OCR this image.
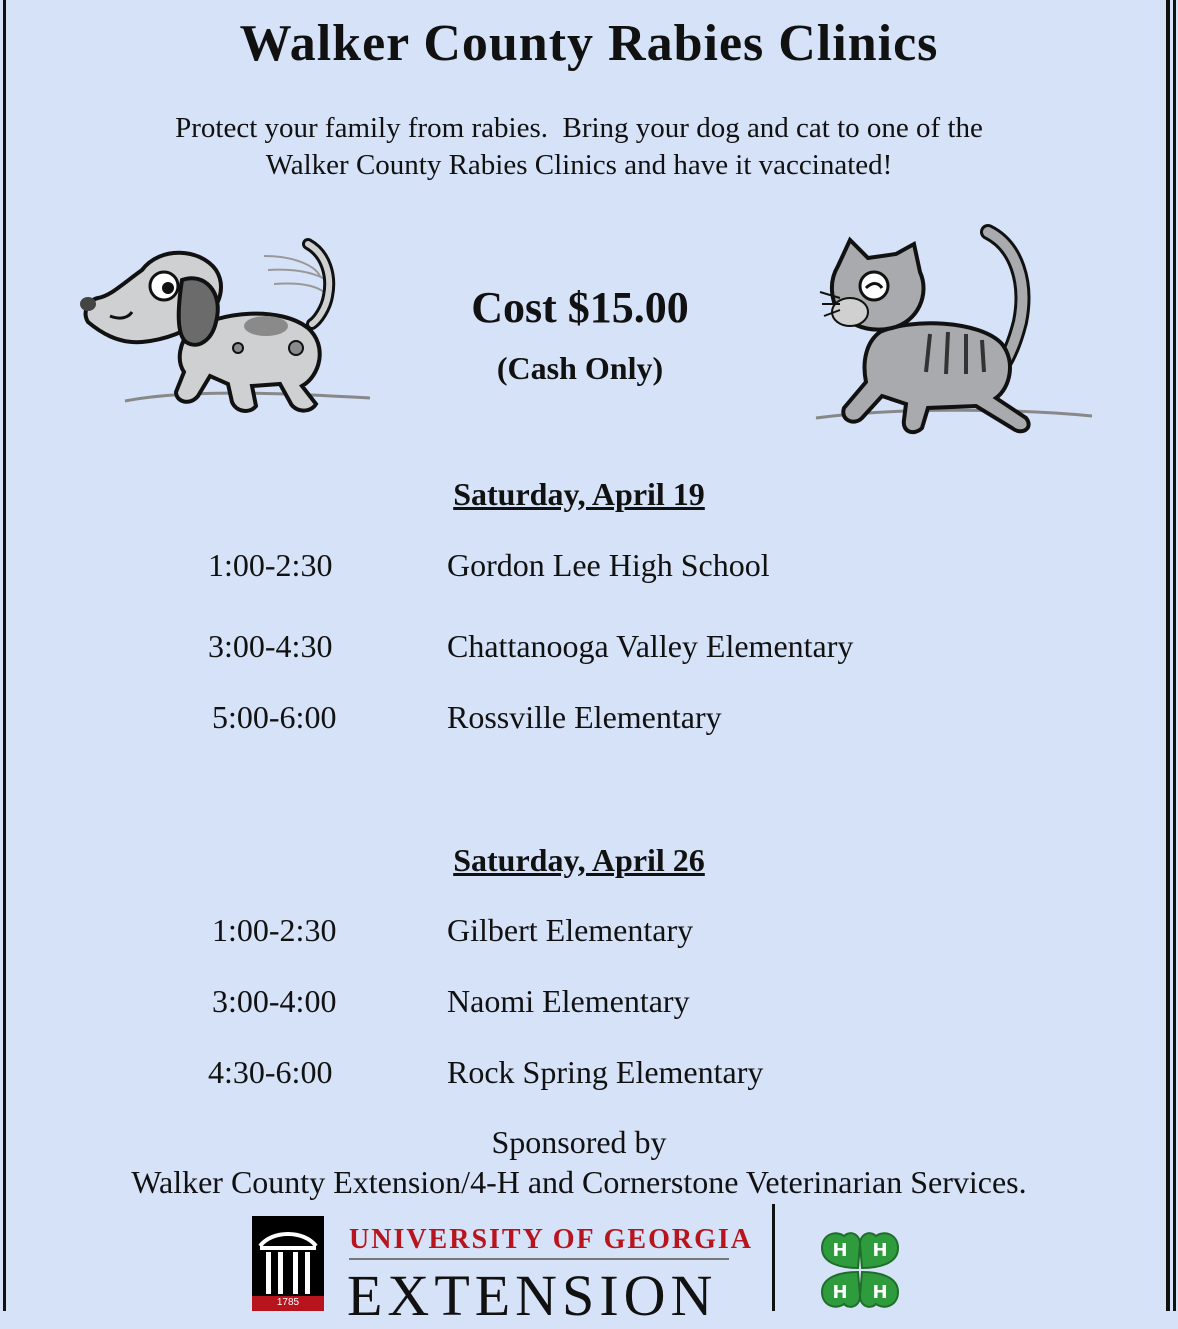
Walker County Rabies Clinics
Protect your family from rabies.  Bring your dog and cat to one of the
Walker County Rabies Clinics and have it vaccinated!
Cost $15.00
(Cash Only)
Saturday, April 19
1:00-2:30	Gordon Lee High School
3:00-4:30	Chattanooga Valley Elementary
5:00-6:00	Rossville Elementary
Saturday, April 26
1:00-2:30	Gilbert Elementary
3:00-4:00	Naomi Elementary
4:30-6:00	Rock Spring Elementary
Sponsored by
Walker County Extension/4-H and Cornerstone Veterinarian Services.
1785
UNIVERSITY OF GEORGIA
EXTENSION
H H
H H
